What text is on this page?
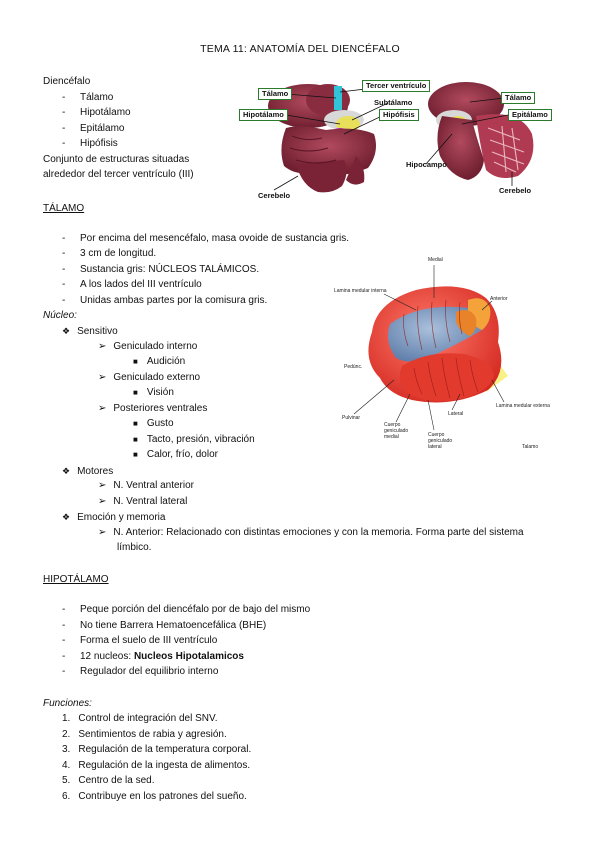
TEMA 11: ANATOMÍA DEL DIENCÉFALO
Diencéfalo
- Tálamo
- Hipotálamo
- Epitálamo
- Hipófisis
Conjunto de estructuras situadas
alrededor del tercer ventrículo (III)
Tálamo
Tercer ventrículo
Subtálamo
Hipotálamo	Hipófisis
Hipocampo
Tálamo
Epitálamo
Cerebelo
Cerebelo
TÁLAMO
- Por encima del mesencéfalo, masa ovoide de sustancia gris.
- 3 cm de longitud.
- Sustancia gris: NÚCLEOS TALÁMICOS.
- A los lados del III ventrículo
- Unidas ambas partes por la comisura gris.
Núcleo:
❖ Sensitivo
➢ Geniculado interno
■ Audición
➢ Geniculado externo
■ Visión
➢ Posteriores ventrales
■ Gusto
■ Tacto, presión, vibración
■ Calor, frío, dolor
❖ Motores
➢ N. Ventral anterior
➢ N. Ventral lateral
❖ Emoción y memoria
➢ N. Anterior: Relacionado con distintas emociones y con la memoria. Forma parte del sistema
límbico.
Medial
Lamina medular interna
Anterior
Pedúnc.
Pulvinar
Cuerpo geniculado medial	Cuerpo geniculado lateral
Lateral
Lamina medular externa
Talamo
HIPOTÁLAMO
- Peque porción del diencéfalo por de bajo del mismo
- No tiene Barrera Hematoencefálica (BHE)
- Forma el suelo de III ventrículo
- 12 nucleos: Nucleos Hipotalamicos
- Regulador del equilibrio interno
Funciones:
1. Control de integración del SNV.
2. Sentimientos de rabia y agresión.
3. Regulación de la temperatura corporal.
4. Regulación de la ingesta de alimentos.
5. Centro de la sed.
6. Contribuye en los patrones del sueño.
